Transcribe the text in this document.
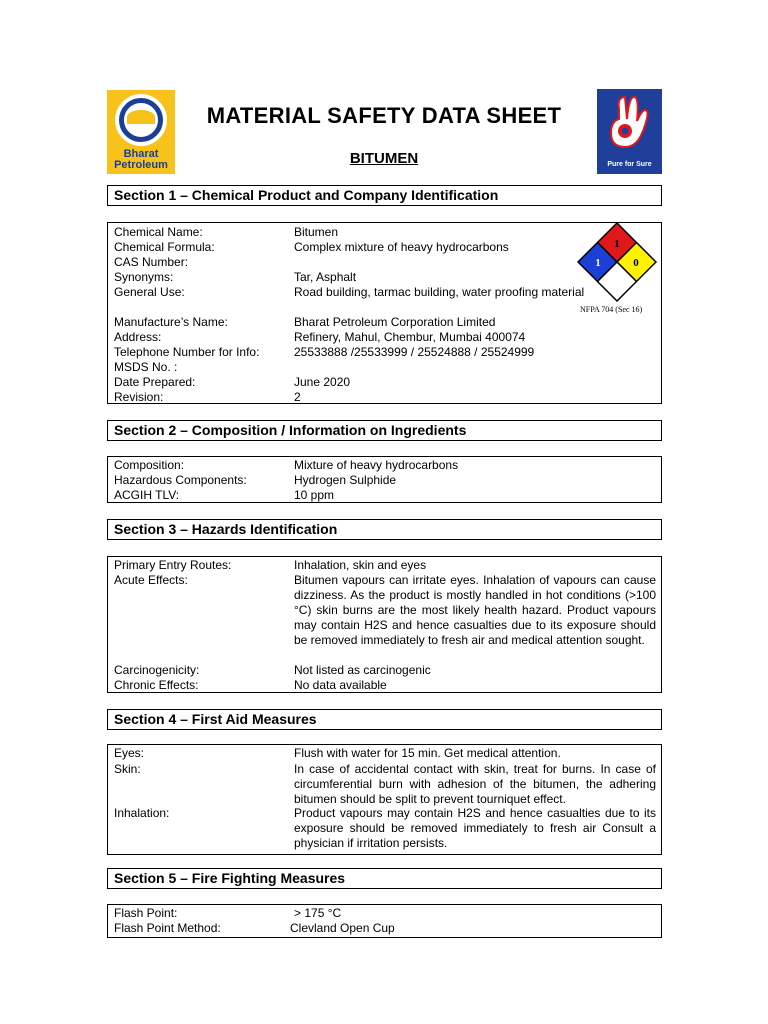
Bharat
Petroleum
MATERIAL SAFETY DATA SHEET
BITUMEN	Pure for Sure
Section 1 – Chemical Product and Company Identification
Chemical Name:	Bitumen
Chemical Formula:	Complex mixture of heavy hydrocarbons
CAS Number:
Synonyms:	Tar, Asphalt
General Use:	Road building, tarmac building, water proofing material
Manufacture’s Name:	Bharat Petroleum Corporation Limited
Address:	Refinery, Mahul, Chembur, Mumbai 400074
Telephone Number for Info:	25533888 /25533999 / 25524888 / 25524999
MSDS No. :
Date Prepared:	June 2020
Revision:	2
1
1	0
NFPA 704 (Sec 16)
Section 2 – Composition / Information on Ingredients
Composition:	Mixture of heavy hydrocarbons
Hazardous Components:	Hydrogen Sulphide
ACGIH TLV:	10 ppm
Section 3 – Hazards Identification
Primary Entry Routes:	Inhalation, skin and eyes
Acute Effects:	Bitumen vapours can irritate eyes. Inhalation of vapours can cause dizziness. As the product is mostly handled in hot conditions (>100 °C) skin burns are the most likely health hazard. Product vapours may contain H2S and hence casualties due to its exposure should be removed immediately to fresh air and medical attention sought.
Carcinogenicity:	Not listed as carcinogenic
Chronic Effects:	No data available
Section 4 – First Aid Measures
Eyes:	Flush with water for 15 min. Get medical attention.
Skin:	In case of accidental contact with skin, treat for burns. In case of circumferential burn with adhesion of the bitumen, the adhering bitumen should be split to prevent tourniquet effect.
Inhalation:	Product vapours may contain H2S and hence casualties due to its exposure should be removed immediately to fresh air Consult a physician if irritation persists.
Section 5 – Fire Fighting Measures
Flash Point:	> 175 °C
Flash Point Method:	Clevland Open Cup
